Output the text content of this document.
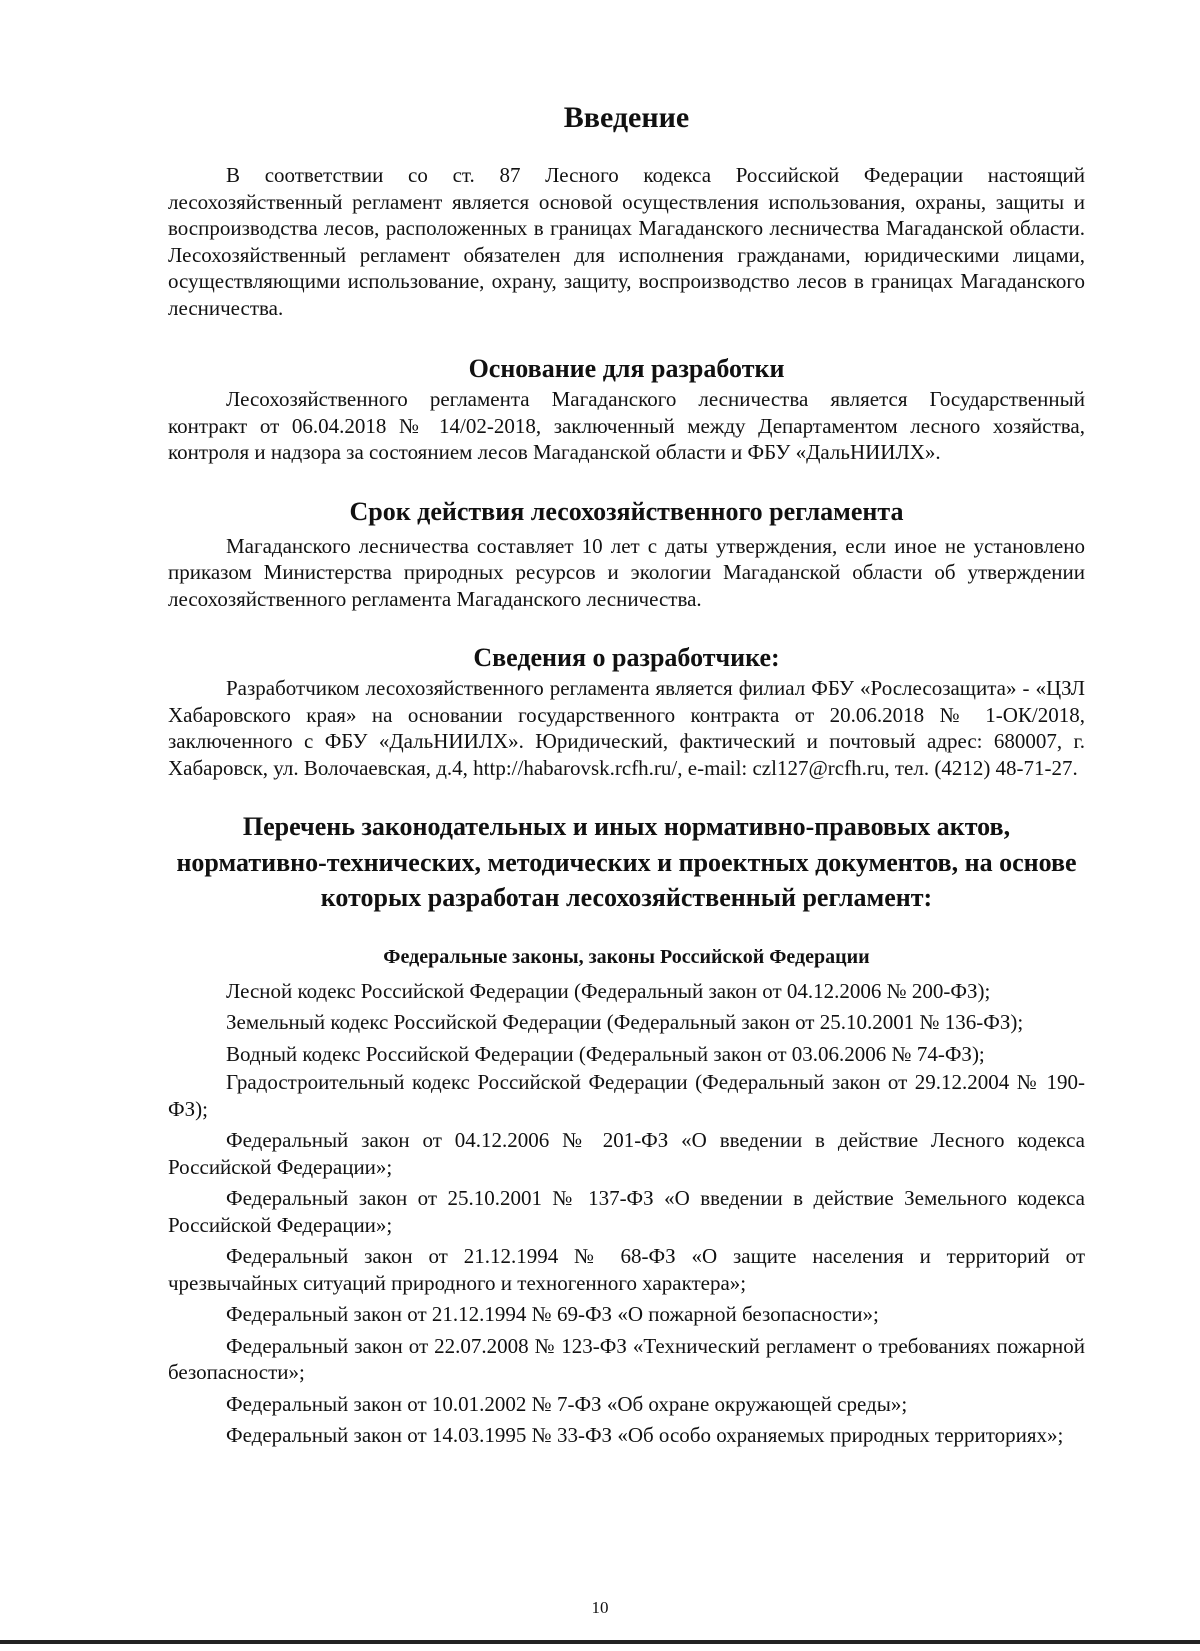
Введение

В соответствии со ст. 87 Лесного кодекса Российской Федерации настоящий лесохозяйственный регламент является основой осуществления использования, охраны, защиты и воспроизводства лесов, расположенных в границах Магаданского лесничества Магаданской области. Лесохозяйственный регламент обязателен для исполнения гражданами, юридическими лицами, осуществляющими использование, охрану, защиту, воспроизводство лесов в границах Магаданского лесничества.

Основание для разработки

Лесохозяйственного регламента Магаданского лесничества является Государственный контракт от 06.04.2018 № 14/02-2018, заключенный между Департаментом лесного хозяйства, контроля и надзора за состоянием лесов Магаданской области и ФБУ «ДальНИИЛХ».

Срок действия лесохозяйственного регламента

Магаданского лесничества составляет 10 лет с даты утверждения, если иное не установлено приказом Министерства природных ресурсов и экологии Магаданской области об утверждении лесохозяйственного регламента Магаданского лесничества.

Сведения о разработчике:

Разработчиком лесохозяйственного регламента является филиал ФБУ «Рослесозащита» - «ЦЗЛ Хабаровского края» на основании государственного контракта от 20.06.2018 № 1-ОК/2018, заключенного с ФБУ «ДальНИИЛХ». Юридический, фактический и почтовый адрес: 680007, г. Хабаровск, ул. Волочаевская, д.4, http://habarovsk.rcfh.ru/, e-mail: czl127@rcfh.ru, тел. (4212) 48-71-27.

Перечень законодательных и иных нормативно-правовых актов, нормативно-технических, методических и проектных документов, на основе которых разработан лесохозяйственный регламент:
Федеральные законы, законы Российской Федерации

Лесной кодекс Российской Федерации (Федеральный закон от 04.12.2006 № 200-ФЗ);

Земельный кодекс Российской Федерации (Федеральный закон от 25.10.2001 № 136-ФЗ);

Водный кодекс Российской Федерации (Федеральный закон от 03.06.2006 № 74-ФЗ);

Градостроительный кодекс Российской Федерации (Федеральный закон от 29.12.2004 № 190-ФЗ);

Федеральный закон от 04.12.2006 № 201-ФЗ «О введении в действие Лесного кодекса Российской Федерации»;

Федеральный закон от 25.10.2001 № 137-ФЗ «О введении в действие Земельного кодекса Российской Федерации»;

Федеральный закон от 21.12.1994 № 68-ФЗ «О защите населения и территорий от чрезвычайных ситуаций природного и техногенного характера»;

Федеральный закон от 21.12.1994 № 69-ФЗ «О пожарной безопасности»;

Федеральный закон от 22.07.2008 № 123-ФЗ «Технический регламент о требованиях пожарной безопасности»;

Федеральный закон от 10.01.2002 № 7-ФЗ «Об охране окружающей среды»;

Федеральный закон от 14.03.1995 № 33-ФЗ «Об особо охраняемых природных территориях»;

10
